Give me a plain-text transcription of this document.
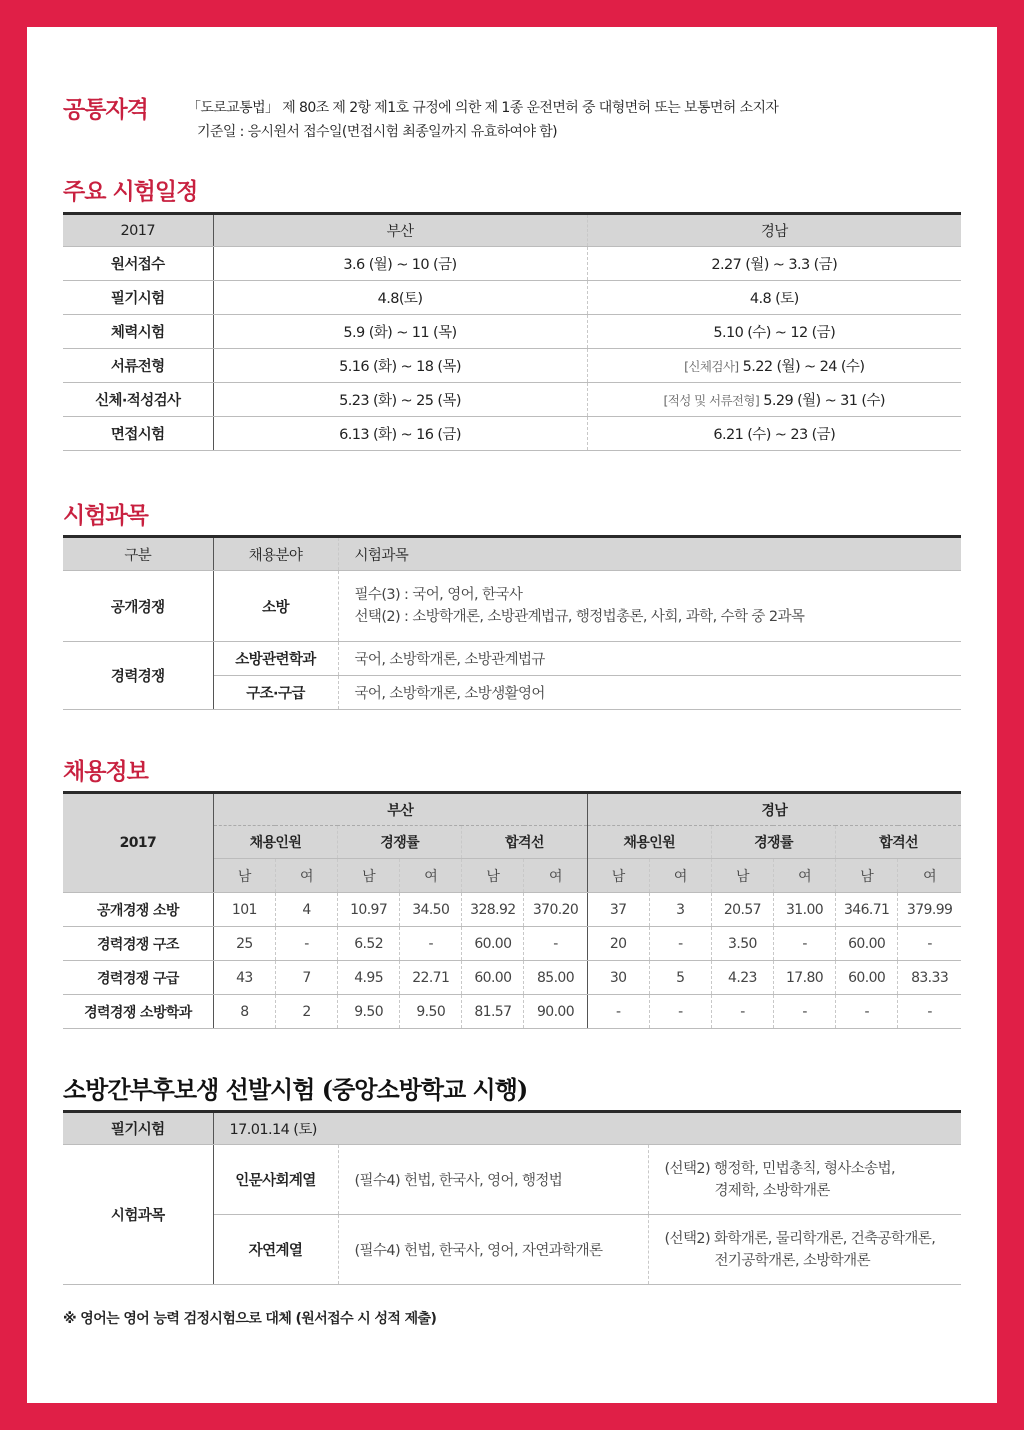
공통자격	「도로교통법」 제 80조 제 2항 제1호 규정에 의한 제 1종 운전면허 중 대형면허 또는 보통면허 소지자
기준일 : 응시원서 접수일(면접시험 최종일까지 유효하여야 함)
주요 시험일정
2017	부산	경남
원서접수	3.6 (월) ~ 10 (금)	2.27 (월) ~ 3.3 (금)
필기시험	4.8(토)	4.8 (토)
체력시험	5.9 (화) ~ 11 (목)	5.10 (수) ~ 12 (금)
서류전형	5.16 (화) ~ 18 (목)	[신체검사] 5.22 (월) ~ 24 (수)
신체·적성검사	5.23 (화) ~ 25 (목)	[적성 및 서류전형] 5.29 (월) ~ 31 (수)
면접시험	6.13 (화) ~ 16 (금)	6.21 (수) ~ 23 (금)
시험과목
구분	채용분야	시험과목
공개경쟁	소방	필수(3) : 국어, 영어, 한국사
선택(2) : 소방학개론, 소방관계법규, 행정법총론, 사회, 과학, 수학 중 2과목

경력경쟁	소방관련학과	국어, 소방학개론, 소방관계법규
	구조·구급	국어, 소방학개론, 소방생활영어
채용정보
2017	부산						경남					
	채용인원		경쟁률		합격선		채용인원		경쟁률		합격선	
	남	여	남	여	남	여	남	여	남	여	남	여
공개경쟁 소방	101	4	10.97	34.50	328.92	370.20	37	3	20.57	31.00	346.71	379.99
경력경쟁 구조	25	-	6.52	-	60.00	-	20	-	3.50	-	60.00	-
경력경쟁 구급	43	7	4.95	22.71	60.00	85.00	30	5	4.23	17.80	60.00	83.33
경력경쟁 소방학과	8	2	9.50	9.50	81.57	90.00	-	-	-	-	-	-
소방간부후보생 선발시험 (중앙소방학교 시행)
필기시험	17.01.14 (토)		
시험과목	인문사회계열	(필수4) 헌법, 한국사, 영어, 행정법	(선택2) 행정학, 민법총칙, 형사소송법,
경제학, 소방학개론

	자연계열	(필수4) 헌법, 한국사, 영어, 자연과학개론	(선택2) 화학개론, 물리학개론, 건축공학개론,
전기공학개론, 소방학개론
※ 영어는 영어 능력 검정시험으로 대체 (원서접수 시 성적 제출)
